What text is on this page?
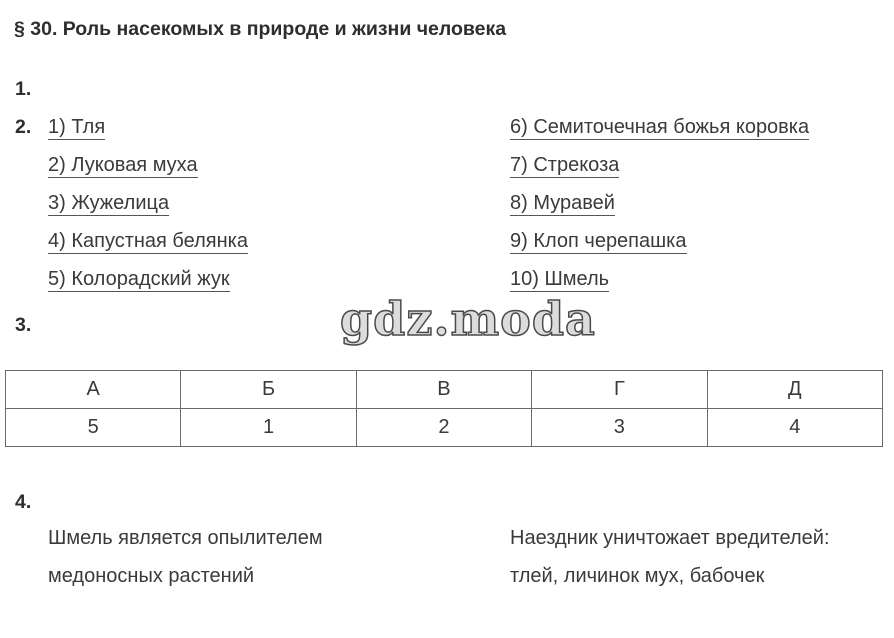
§ 30. Роль насекомых в природе и жизни человека
1.
2.
3.
4.
1) Тля
2) Луковая муха
3) Жужелица
4) Капустная белянка
5) Колорадский жук
6) Семиточечная божья коровка
7) Стрекоза
8) Муравей
9) Клоп черепашка
10) Шмель
gdz.moda
А	Б	В	Г	Д
5	1	2	3	4
Шмель является опылителем
медоносных растений
Наездник уничтожает вредителей:
тлей, личинок мух, бабочек
